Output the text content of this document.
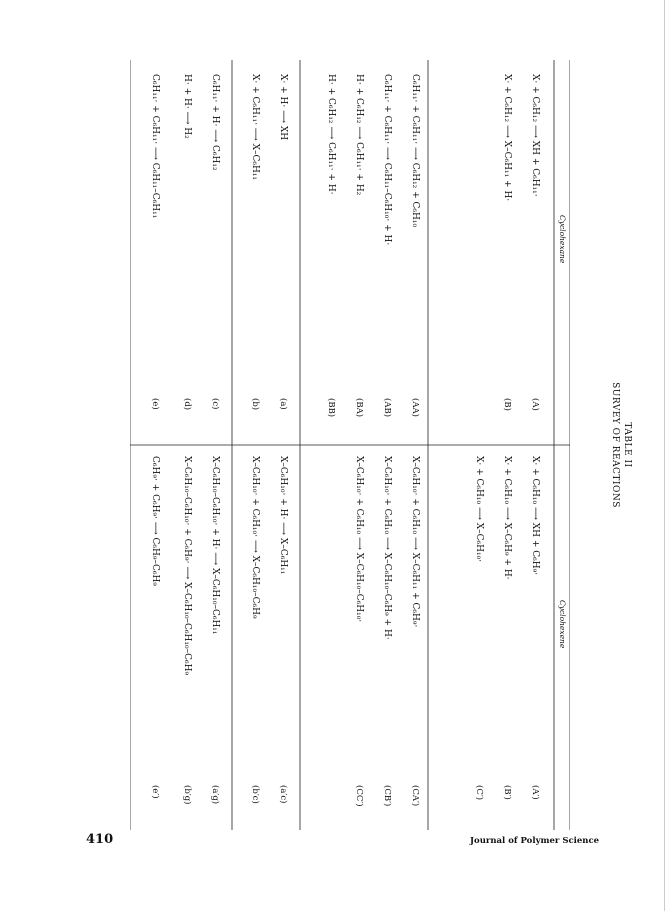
TABLE II
SURVEY OF REACTIONS
Cyclohexane
Cyclohexene
X· + C₆H₁₂ ⟶ XH + C₆H₁₁·
(A)
X· + C₆H₁₂ ⟶ X–C₆H₁₁ + H·
(B)
C₆H₁₁· + C₆H₁₁· ⟶ C₆H₁₂ + C₆H₁₀
(AA)
C₆H₁₁· + C₆H₁₁· ⟶ C₆H₁₁–C₆H₁₀· + H·
(AB)
H· + C₆H₁₂ ⟶ C₆H₁₁· + H₂
(BA)
H· + C₆H₁₂ ⟶ C₆H₁₁· + H·
(BB)
X· + H· ⟶ XH
(a)
X· + C₆H₁₁· ⟶ X–C₆H₁₁
(b)
C₆H₁₁· + H· ⟶ C₆H₁₂
(c)
H· + H· ⟶ H₂
(d)
C₆H₁₁· + C₆H₁₁· ⟶ C₆H₁₁–C₆H₁₁
(e)
X· + C₆H₁₀ ⟶ XH + C₆H₉·
(A′)
X· + C₆H₁₀ ⟶ X–C₆H₉ + H·
(B′)
X· + C₆H₁₀ ⟶ X–C₆H₁₀·
(C′)
X–C₆H₁₀· + C₆H₁₀ ⟶ X–C₆H₁₁ + C₆H₉·
(CA′)
X–C₆H₁₀· + C₆H₁₀ ⟶ X–C₆H₁₀–C₆H₉ + H·
(CB′)
X–C₆H₁₀· + C₆H₁₀ ⟶ X–C₆H₁₀–C₆H₁₀·
(CC′)
X–C₆H₁₀· + H· ⟶ X–C₆H₁₁
(a′c)
X–C₆H₁₀· + C₆H₁₀· ⟶ X–C₆H₁₀–C₆H₉
(b′c)
X–C₆H₁₀–C₆H₁₀· + H· ⟶ X–C₆H₁₀–C₆H₁₁
(a′g)
X–C₆H₁₀–C₆H₁₀· + C₆H₉· ⟶ X–C₆H₁₀–C₆H₁₀–C₆H₉
(b′g)
C₆H₉· + C₆H₉· ⟶ C₆H₉–C₆H₉
(e′)
410	Journal of Polymer Science
